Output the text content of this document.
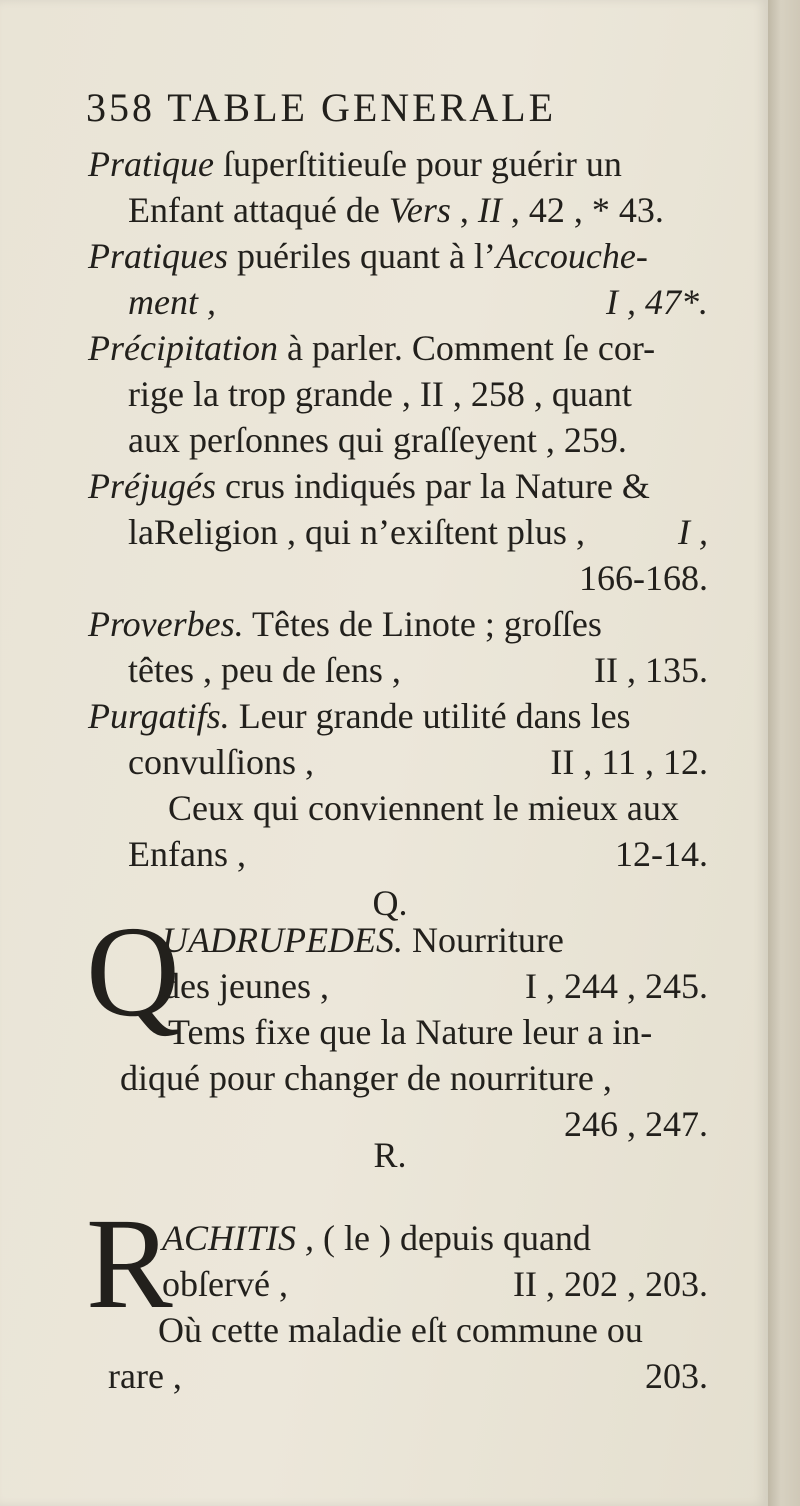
358 TABLE GENERALE
Pratique ſuperſtitieuſe pour guérir un
Enfant attaqué de Vers , II , 42 , * 43.
Pratiques puériles quant à l’Accouche-
ment ,	I , 47*.
Précipitation à parler. Comment ſe cor-
rige la trop grande , II , 258 , quant
aux perſonnes qui graſſeyent , 259.
Préjugés crus indiqués par la Nature &
laReligion , qui n’exiſtent plus ,	I ,
166-168.
Proverbes. Têtes de Linote ; groſſes
têtes , peu de ſens ,	II , 135.
Purgatifs. Leur grande utilité dans les
convulſions ,	II , 11 , 12.
Ceux qui conviennent le mieux aux
Enfans ,	12-14.
Q.
Q
UADRUPEDES. Nourriture
des jeunes ,	I , 244 , 245.
Tems fixe que la Nature leur a in-
diqué pour changer de nourriture ,
246 , 247.
R.
R
ACHITIS , ( le ) depuis quand
obſervé ,	II , 202 , 203.
Où cette maladie eſt commune ou
rare ,	203.
